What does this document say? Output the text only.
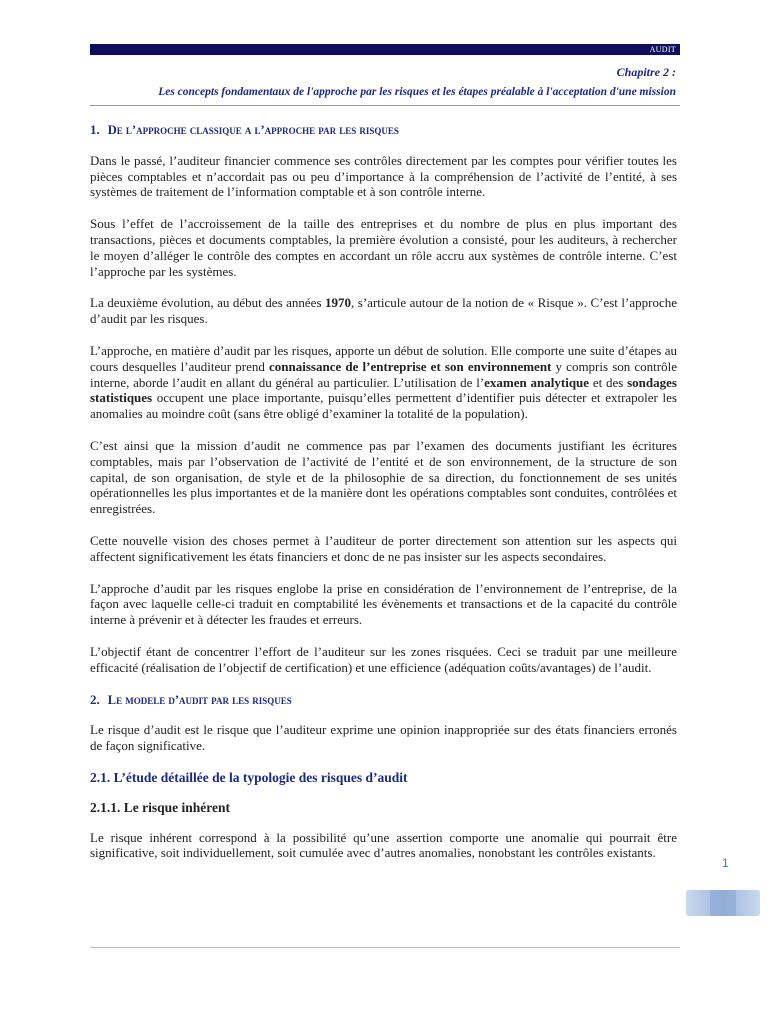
AUDIT
Chapitre 2 :
Les concepts fondamentaux de l'approche par les risques et les étapes préalable à l'acceptation d'une mission
1. De l’approche classique a l’approche par les risques

Dans le passé, l’auditeur financier commence ses contrôles directement par les comptes pour vérifier toutes les pièces comptables et n’accordait pas ou peu d’importance à la compréhension de l’activité de l’entité, à ses systèmes de traitement de l’information comptable et à son contrôle interne.

Sous l’effet de l’accroissement de la taille des entreprises et du nombre de plus en plus important des transactions, pièces et documents comptables, la première évolution a consisté, pour les auditeurs, à rechercher le moyen d’alléger le contrôle des comptes en accordant un rôle accru aux systèmes de contrôle interne. C’est l’approche par les systèmes.

La deuxième évolution, au début des années 1970, s’articule autour de la notion de « Risque ». C’est l’approche d’audit par les risques.

L’approche, en matière d’audit par les risques, apporte un début de solution. Elle comporte une suite d’étapes au cours desquelles l’auditeur prend connaissance de l’entreprise et son environnement y compris son contrôle interne, aborde l’audit en allant du général au particulier. L’utilisation de l’examen analytique et des sondages statistiques occupent une place importante, puisqu’elles permettent d’identifier puis détecter et extrapoler les anomalies au moindre coût (sans être obligé d’examiner la totalité de la population).

C’est ainsi que la mission d’audit ne commence pas par l’examen des documents justifiant les écritures comptables, mais par l’observation de l’activité de l’entité et de son environnement, de la structure de son capital, de son organisation, de style et de la philosophie de sa direction, du fonctionnement de ses unités opérationnelles les plus importantes et de la manière dont les opérations comptables sont conduites, contrôlées et enregistrées.

Cette nouvelle vision des choses permet à l’auditeur de porter directement son attention sur les aspects qui affectent significativement les états financiers et donc de ne pas insister sur les aspects secondaires.

L’approche d’audit par les risques englobe la prise en considération de l’environnement de l’entreprise, de la façon avec laquelle celle-ci traduit en comptabilité les évènements et transactions et de la capacité du contrôle interne à prévenir et à détecter les fraudes et erreurs.

L’objectif étant de concentrer l’effort de l’auditeur sur les zones risquées. Ceci se traduit par une meilleure efficacité (réalisation de l’objectif de certification) et une efficience (adéquation coûts/avantages) de l’audit.

2. Le modele d’audit par les risques

Le risque d’audit est le risque que l’auditeur exprime une opinion inappropriée sur des états financiers erronés de façon significative.

2.1. L’étude détaillée de la typologie des risques d’audit
2.1.1. Le risque inhérent

Le risque inhérent correspond à la possibilité qu’une assertion comporte une anomalie qui pourrait être significative, soit individuellement, soit cumulée avec d’autres anomalies, nonobstant les contrôles existants.

1
